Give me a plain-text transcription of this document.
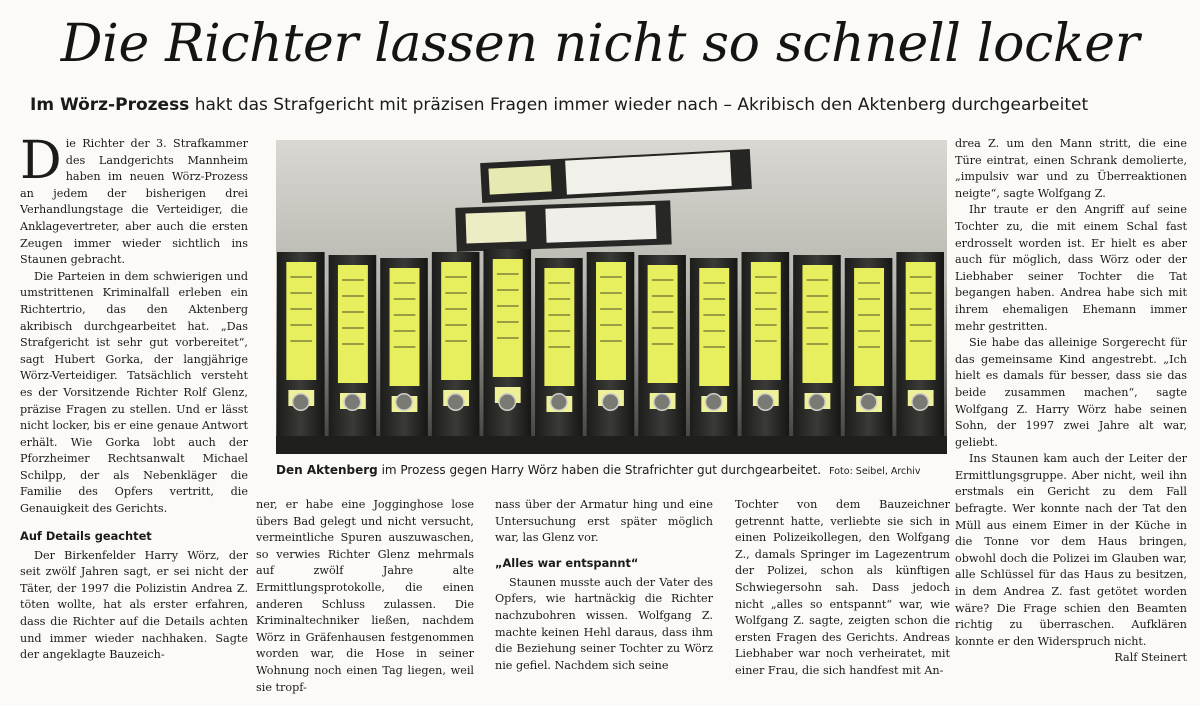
Die Richter lassen nicht so schnell locker
Im Wörz-Prozess hakt das Strafgericht mit präzisen Fragen immer wieder nach – Akribisch den Aktenberg durchgearbeitet

Die Richter der 3. Strafkammer des Landgerichts Mannheim haben im neuen Wörz-Prozess an jedem der bisherigen drei Verhandlungstage die Verteidiger, die Anklagevertreter, aber auch die ersten Zeugen immer wieder sichtlich ins Staunen gebracht.

Die Parteien in dem schwierigen und umstrittenen Kriminalfall erleben ein Richtertrio, das den Aktenberg akribisch durchgearbeitet hat. „Das Strafgericht ist sehr gut vorbereitet“, sagt Hubert Gorka, der langjährige Wörz-Verteidiger. Tatsächlich versteht es der Vorsitzende Richter Rolf Glenz, präzise Fragen zu stellen. Und er lässt nicht locker, bis er eine genaue Antwort erhält. Wie Gorka lobt auch der Pforzheimer Rechtsanwalt Michael Schilpp, der als Nebenkläger die Familie des Opfers vertritt, die Genauigkeit des Gerichts.

Auf Details geachtet

Der Birkenfelder Harry Wörz, der seit zwölf Jahren sagt, er sei nicht der Täter, der 1997 die Polizistin Andrea Z. töten wollte, hat als erster erfahren, dass die Richter auf die Details achten und immer wieder nachhaken. Sagte der angeklagte Bauzeich-

Den Aktenberg im Prozess gegen Harry Wörz haben die Strafrichter gut durchgearbeitet. Foto: Seibel, Archiv

ner, er habe eine Jogginghose lose übers Bad gelegt und nicht versucht, vermeintliche Spuren auszuwaschen, so verwies Richter Glenz mehrmals auf zwölf Jahre alte Ermittlungsprotokolle, die einen anderen Schluss zulassen. Die Kriminaltechniker ließen, nachdem Wörz in Gräfenhausen festgenommen worden war, die Hose in seiner Wohnung noch einen Tag liegen, weil sie tropf-

nass über der Armatur hing und eine Untersuchung erst später möglich war, las Glenz vor.

„Alles war entspannt“

Staunen musste auch der Vater des Opfers, wie hartnäckig die Richter nachzubohren wissen. Wolfgang Z. machte keinen Hehl daraus, dass ihm die Beziehung seiner Tochter zu Wörz nie gefiel. Nachdem sich seine

Tochter von dem Bauzeichner getrennt hatte, verliebte sie sich in einen Polizeikollegen, den Wolfgang Z., damals Springer im Lagezentrum der Polizei, schon als künftigen Schwiegersohn sah. Dass jedoch nicht „alles so entspannt“ war, wie Wolfgang Z. sagte, zeigten schon die ersten Fragen des Gerichts. Andreas Liebhaber war noch verheiratet, mit einer Frau, die sich handfest mit An-

drea Z. um den Mann stritt, die eine Türe eintrat, einen Schrank demolierte, „impulsiv war und zu Überreaktionen neigte“, sagte Wolfgang Z.

Ihr traute er den Angriff auf seine Tochter zu, die mit einem Schal fast erdrosselt worden ist. Er hielt es aber auch für möglich, dass Wörz oder der Liebhaber seiner Tochter die Tat begangen haben. Andrea habe sich mit ihrem ehemaligen Ehemann immer mehr gestritten.

Sie habe das alleinige Sorgerecht für das gemeinsame Kind angestrebt. „Ich hielt es damals für besser, dass sie das beide zusammen machen“, sagte Wolfgang Z. Harry Wörz habe seinen Sohn, der 1997 zwei Jahre alt war, geliebt.

Ins Staunen kam auch der Leiter der Ermittlungsgruppe. Aber nicht, weil ihn erstmals ein Gericht zu dem Fall befragte. Wer konnte nach der Tat den Müll aus einem Eimer in der Küche in die Tonne vor dem Haus bringen, obwohl doch die Polizei im Glauben war, alle Schlüssel für das Haus zu besitzen, in dem Andrea Z. fast getötet worden wäre? Die Frage schien den Beamten richtig zu überraschen. Aufklären konnte er den Widerspruch nicht.
Ralf Steinert
